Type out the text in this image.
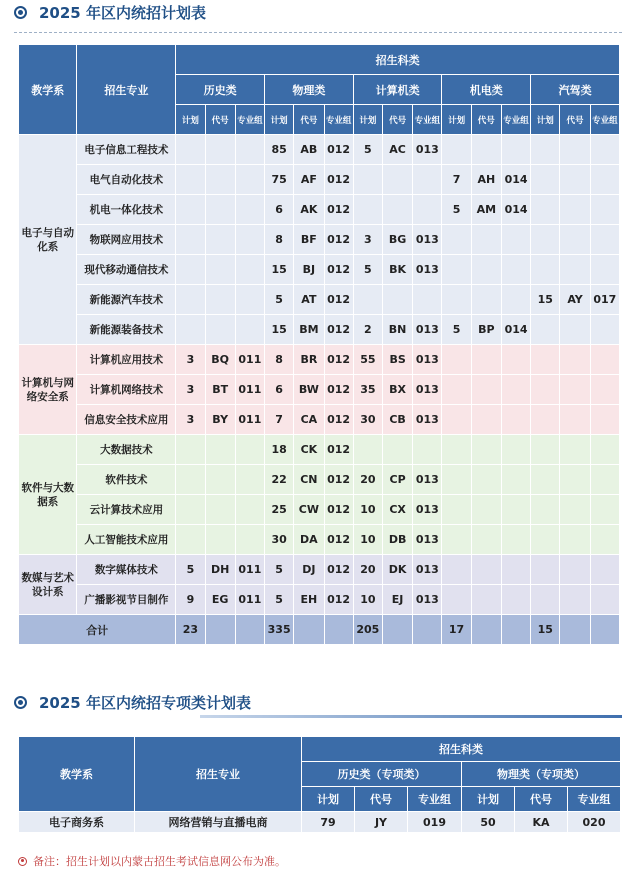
2025 年区内统招计划表
教学系	招生专业	招生科类														
		历史类			物理类			计算机类			机电类			汽驾类		
		计划	代号	专业组	计划	代号	专业组	计划	代号	专业组	计划	代号	专业组	计划	代号	专业组
电子与自动化系	电子信息工程技术				85	AB	012	5	AC	013						
	电气自动化技术				75	AF	012				7	AH	014			
	机电一体化技术				6	AK	012				5	AM	014			
	物联网应用技术				8	BF	012	3	BG	013						
	现代移动通信技术				15	BJ	012	5	BK	013						
	新能源汽车技术				5	AT	012							15	AY	017
	新能源装备技术				15	BM	012	2	BN	013	5	BP	014			
计算机与网络安全系	计算机应用技术	3	BQ	011	8	BR	012	55	BS	013						
	计算机网络技术	3	BT	011	6	BW	012	35	BX	013						
	信息安全技术应用	3	BY	011	7	CA	012	30	CB	013						
软件与大数据系	大数据技术				18	CK	012									
	软件技术				22	CN	012	20	CP	013						
	云计算技术应用				25	CW	012	10	CX	013						
	人工智能技术应用				30	DA	012	10	DB	013						
数媒与艺术设计系	数字媒体技术	5	DH	011	5	DJ	012	20	DK	013						
	广播影视节目制作	9	EG	011	5	EH	012	10	EJ	013						
合计		23			335			205			17			15		
2025 年区内统招专项类计划表
教学系	招生专业	招生科类					
		历史类（专项类）			物理类（专项类）		
		计划	代号	专业组	计划	代号	专业组
电子商务系	网络营销与直播电商	79	JY	019	50	KA	020
备注：招生计划以内蒙古招生考试信息网公布为准。
